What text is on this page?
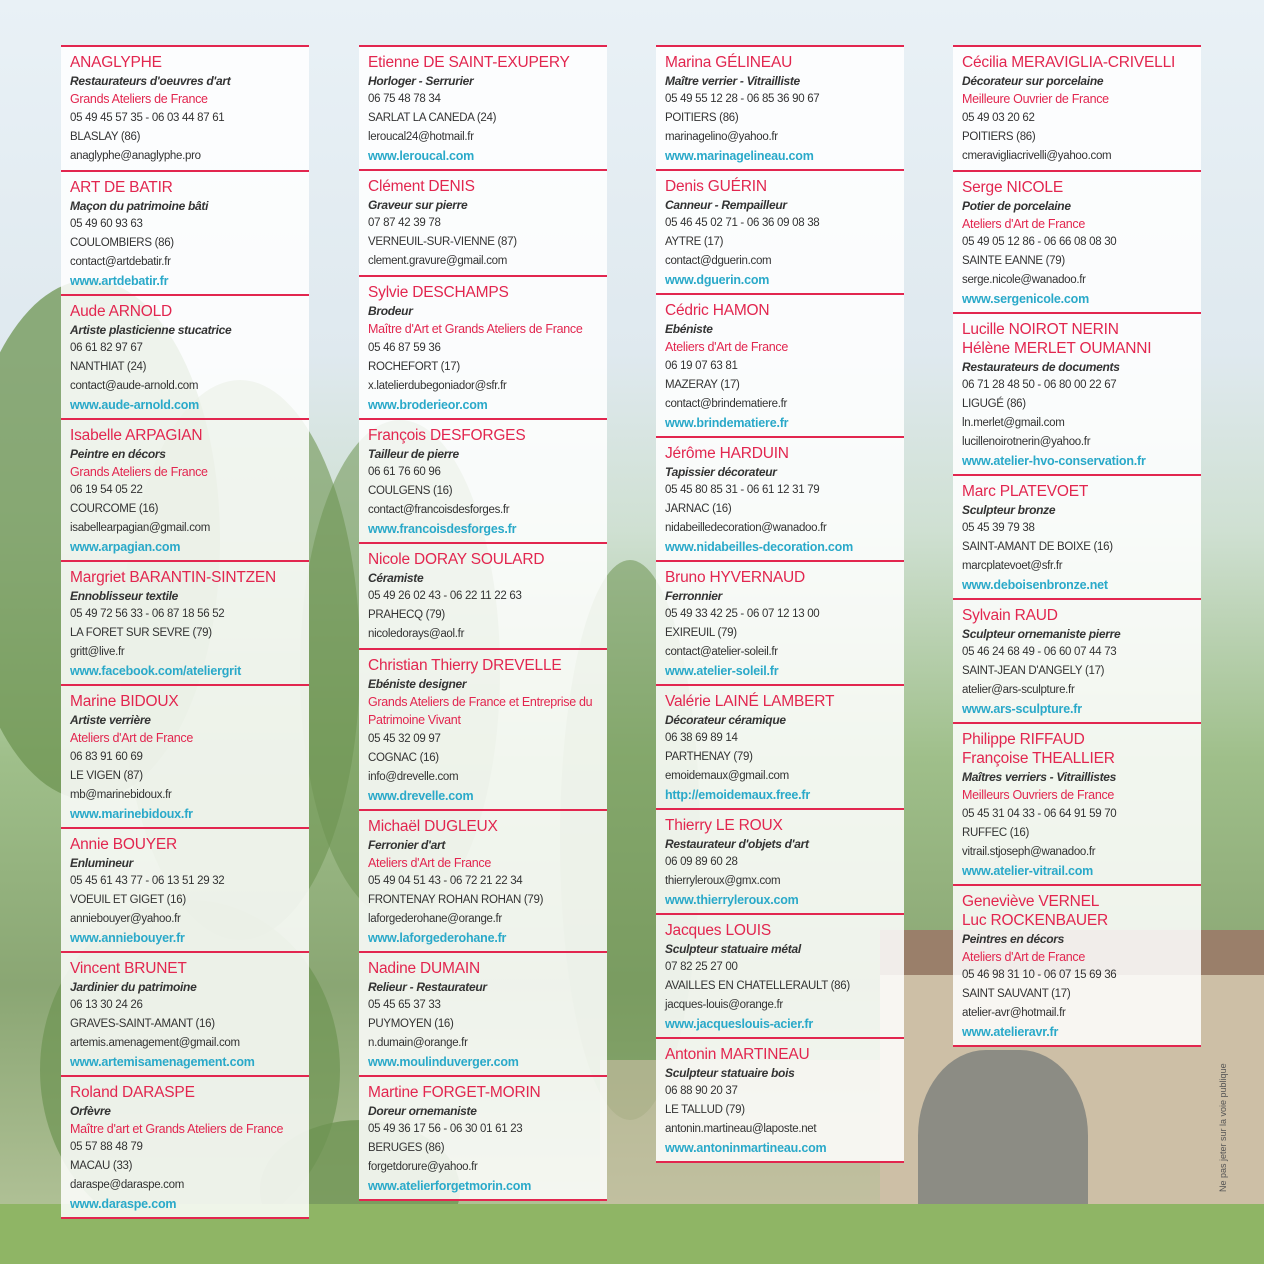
ANAGLYPHE
Restaurateurs d'oeuvres d'art
Grands Ateliers de France
05 49 45 57 35 - 06 03 44 87 61
BLASLAY (86)
anaglyphe@anaglyphe.pro
ART DE BATIR
Maçon du patrimoine bâti
05 49 60 93 63
COULOMBIERS (86)
contact@artdebatir.fr
www.artdebatir.fr
Aude ARNOLD
Artiste plasticienne stucatrice
06 61 82 97 67
NANTHIAT (24)
contact@aude-arnold.com
www.aude-arnold.com
Isabelle ARPAGIAN
Peintre en décors
Grands Ateliers de France
06 19 54 05 22
COURCOME (16)
isabellearpagian@gmail.com
www.arpagian.com
Margriet BARANTIN-SINTZEN
Ennoblisseur textile
05 49 72 56 33 - 06 87 18 56 52
LA FORET SUR SEVRE (79)
gritt@live.fr
www.facebook.com/ateliergrit
Marine BIDOUX
Artiste verrière
Ateliers d'Art de France
06 83 91 60 69
LE VIGEN (87)
mb@marinebidoux.fr
www.marinebidoux.fr
Annie BOUYER
Enlumineur
05 45 61 43 77 - 06 13 51 29 32
VOEUIL ET GIGET (16)
anniebouyer@yahoo.fr
www.anniebouyer.fr
Vincent BRUNET
Jardinier du patrimoine
06 13 30 24 26
GRAVES-SAINT-AMANT (16)
artemis.amenagement@gmail.com
www.artemisamenagement.com
Roland DARASPE
Orfèvre
Maître d'art et Grands Ateliers de France
05 57 88 48 79
MACAU (33)
daraspe@daraspe.com
www.daraspe.com
Etienne DE SAINT-EXUPERY
Horloger - Serrurier
06 75 48 78 34
SARLAT LA CANEDA (24)
leroucal24@hotmail.fr
www.leroucal.com
Clément DENIS
Graveur sur pierre
07 87 42 39 78
VERNEUIL-SUR-VIENNE (87)
clement.gravure@gmail.com
Sylvie DESCHAMPS
Brodeur
Maître d'Art et Grands Ateliers de France
05 46 87 59 36
ROCHEFORT (17)
x.latelierdubegoniador@sfr.fr
www.broderieor.com
François DESFORGES
Tailleur de pierre
06 61 76 60 96
COULGENS (16)
contact@francoisdesforges.fr
www.francoisdesforges.fr
Nicole DORAY SOULARD
Céramiste
05 49 26 02 43 - 06 22 11 22 63
PRAHECQ (79)
nicoledorays@aol.fr
Christian Thierry DREVELLE
Ebéniste designer
Grands Ateliers de France et Entreprise du Patrimoine Vivant
05 45 32 09 97
COGNAC (16)
info@drevelle.com
www.drevelle.com
Michaël DUGLEUX
Ferronier d'art
Ateliers d'Art de France
05 49 04 51 43 - 06 72 21 22 34
FRONTENAY ROHAN ROHAN (79)
laforgederohane@orange.fr
www.laforgederohane.fr
Nadine DUMAIN
Relieur - Restaurateur
05 45 65 37 33
PUYMOYEN (16)
n.dumain@orange.fr
www.moulinduverger.com
Martine FORGET-MORIN
Doreur ornemaniste
05 49 36 17 56 - 06 30 01 61 23
BERUGES (86)
forgetdorure@yahoo.fr
www.atelierforgetmorin.com
Marina GÉLINEAU
Maître verrier - Vitrailliste
05 49 55 12 28 - 06 85 36 90 67
POITIERS (86)
marinagelino@yahoo.fr
www.marinagelineau.com
Denis GUÉRIN
Canneur - Rempailleur
05 46 45 02 71 - 06 36 09 08 38
AYTRE (17)
contact@dguerin.com
www.dguerin.com
Cédric HAMON
Ebéniste
Ateliers d'Art de France
06 19 07 63 81
MAZERAY (17)
contact@brindematiere.fr
www.brindematiere.fr
Jérôme HARDUIN
Tapissier décorateur
05 45 80 85 31 - 06 61 12 31 79
JARNAC (16)
nidabeilledecoration@wanadoo.fr
www.nidabeilles-decoration.com
Bruno HYVERNAUD
Ferronnier
05 49 33 42 25 - 06 07 12 13 00
EXIREUIL (79)
contact@atelier-soleil.fr
www.atelier-soleil.fr
Valérie LAINÉ LAMBERT
Décorateur céramique
06 38 69 89 14
PARTHENAY (79)
emoidemaux@gmail.com
http://emoidemaux.free.fr
Thierry LE ROUX
Restaurateur d'objets d'art
06 09 89 60 28
thierryleroux@gmx.com
www.thierryleroux.com
Jacques LOUIS
Sculpteur statuaire métal
07 82 25 27 00
AVAILLES EN CHATELLERAULT (86)
jacques-louis@orange.fr
www.jacqueslouis-acier.fr
Antonin MARTINEAU
Sculpteur statuaire bois
06 88 90 20 37
LE TALLUD (79)
antonin.martineau@laposte.net
www.antoninmartineau.com
Cécilia MERAVIGLIA-CRIVELLI
Décorateur sur porcelaine
Meilleure Ouvrier de France
05 49 03 20 62
POITIERS (86)
cmeravigliacrivelli@yahoo.com
Serge NICOLE
Potier de porcelaine
Ateliers d'Art de France
05 49 05 12 86 - 06 66 08 08 30
SAINTE EANNE (79)
serge.nicole@wanadoo.fr
www.sergenicole.com
Lucille NOIROT NERIN
Hélène MERLET OUMANNI
Restaurateurs de documents
06 71 28 48 50 - 06 80 00 22 67
LIGUGÉ (86)
ln.merlet@gmail.com
lucillenoirotnerin@yahoo.fr
www.atelier-hvo-conservation.fr
Marc PLATEVOET
Sculpteur bronze
05 45 39 79 38
SAINT-AMANT DE BOIXE (16)
marcplatevoet@sfr.fr
www.deboisenbronze.net
Sylvain RAUD
Sculpteur ornemaniste pierre
05 46 24 68 49 - 06 60 07 44 73
SAINT-JEAN D'ANGELY (17)
atelier@ars-sculpture.fr
www.ars-sculpture.fr
Philippe RIFFAUD
Françoise THEALLIER
Maîtres verriers - Vitraillistes
Meilleurs Ouvriers de France
05 45 31 04 33 - 06 64 91 59 70
RUFFEC (16)
vitrail.stjoseph@wanadoo.fr
www.atelier-vitrail.com
Geneviève VERNEL
Luc ROCKENBAUER
Peintres en décors
Ateliers d'Art de France
05 46 98 31 10 - 06 07 15 69 36
SAINT SAUVANT (17)
atelier-avr@hotmail.fr
www.atelieravr.fr
Ne pas jeter sur la voie publique
